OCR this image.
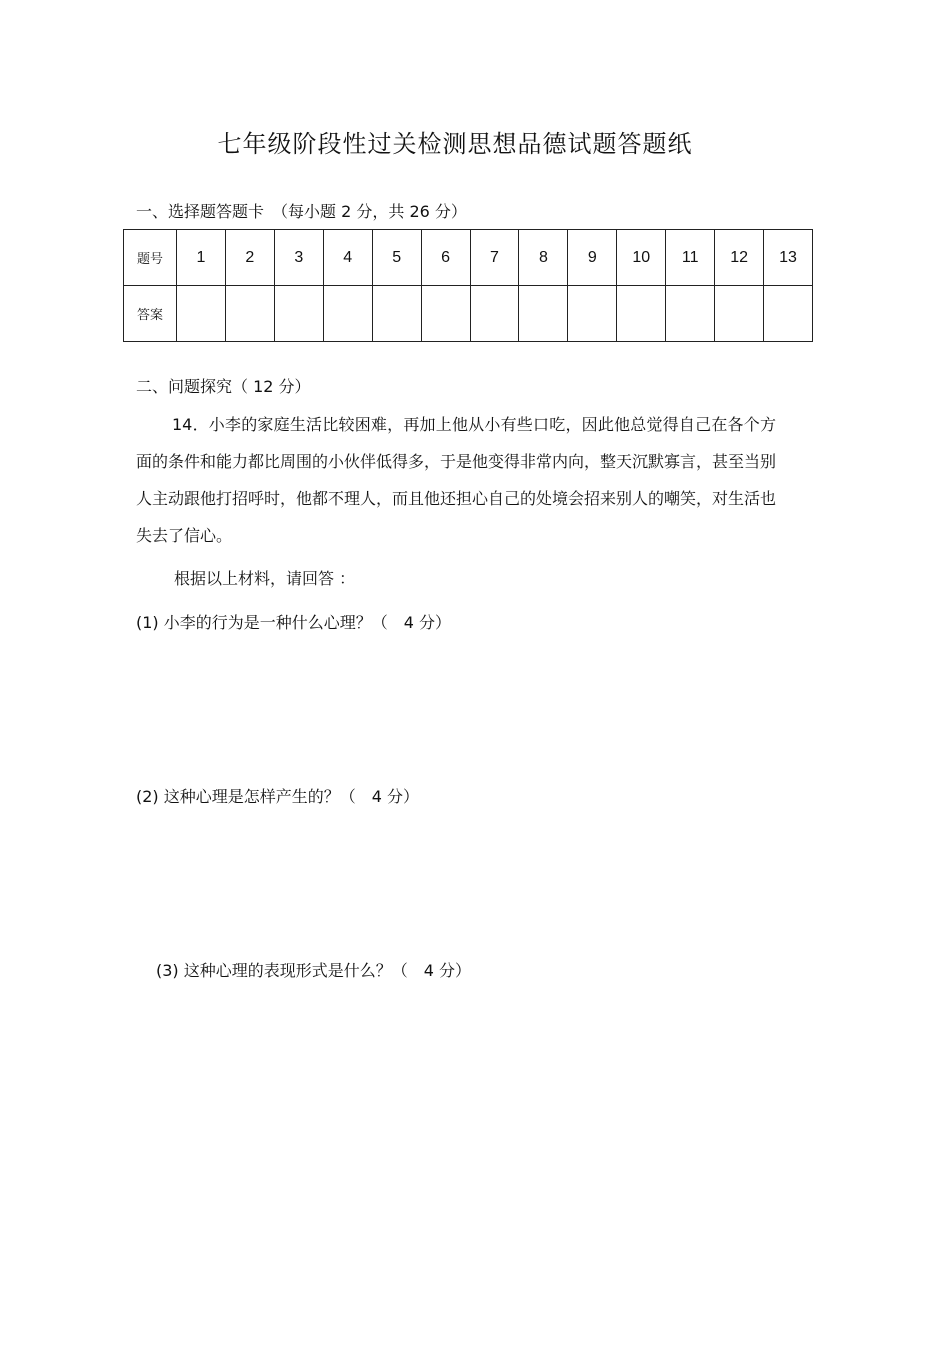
七年级阶段性过关检测思想品德试题答题纸
一、选择题答题卡　（每小题 2 分，共 26 分）
题号	1	2	3	4	5	6	7	8	9	10	11	12	13
答案													
二、问题探究（ 12 分）
14．小李的家庭生活比较困难，再加上他从小有些口吃，因此他总觉得自己在各个方面的条件和能力都比周围的小伙伴低得多，于是他变得非常内向，整天沉默寡言，甚至当别人主动跟他打招呼时，他都不理人，而且他还担心自己的处境会招来别人的嘲笑，对生活也失去了信心。
根据以上材料，请回答 ：
(1) 小李的行为是一种什么心理？（　4 分）
(2) 这种心理是怎样产生的？（　4 分）
(3) 这种心理的表现形式是什么？（　4 分）
